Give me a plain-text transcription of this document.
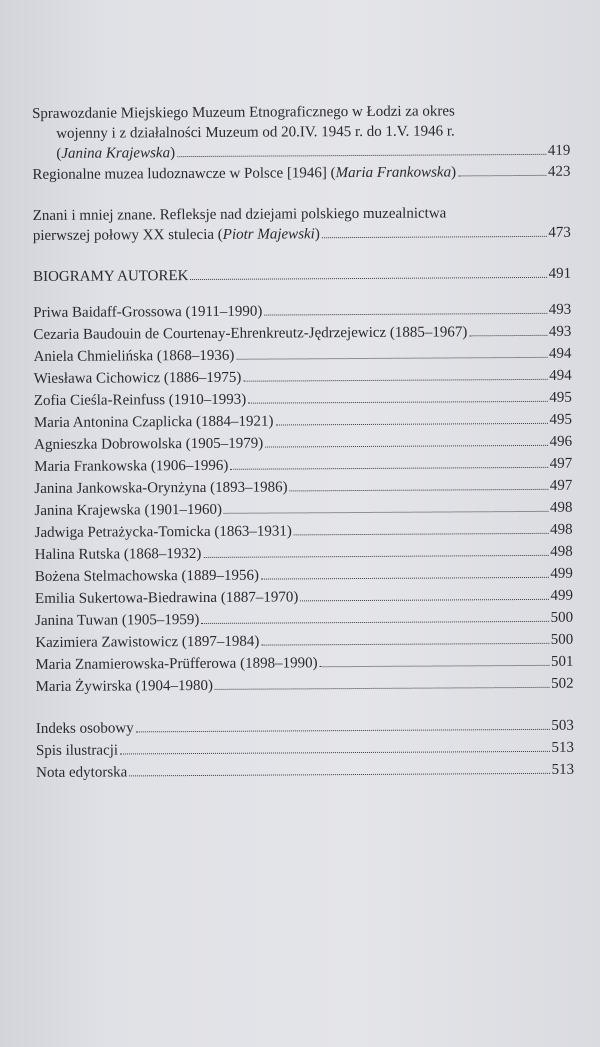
Sprawozdanie Miejskiego Muzeum Etnograficznego w Łodzi za okres
wojenny i z działalności Muzeum od 20.IV. 1945 r. do 1.V. 1946 r.
( Janina Krajewska )	419
Regionalne muzea ludoznawcze w Polsce [1946] (Maria Frankowska)	423
Znani i mniej znane. Refleksje nad dziejami polskiego muzealnictwa
pierwszej połowy XX stulecia (Piotr Majewski)	473
BIOGRAMY AUTOREK	491
Priwa Baidaff-Grossowa (1911–1990)	493
Cezaria Baudouin de Courtenay-Ehrenkreutz-Jędrzejewicz (1885–1967)	493
Aniela Chmielińska (1868–1936)	494
Wiesława Cichowicz (1886–1975)	494
Zofia Cieśla-Reinfuss (1910–1993)	495
Maria Antonina Czaplicka (1884–1921)	495
Agnieszka Dobrowolska (1905–1979)	496
Maria Frankowska (1906–1996)	497
Janina Jankowska-Orynżyna (1893–1986)	497
Janina Krajewska (1901–1960)	498
Jadwiga Petrażycka-Tomicka (1863–1931)	498
Halina Rutska (1868–1932)	498
Bożena Stelmachowska (1889–1956)	499
Emilia Sukertowa-Biedrawina (1887–1970)	499
Janina Tuwan (1905–1959)	500
Kazimiera Zawistowicz (1897–1984)	500
Maria Znamierowska-Prüfferowa (1898–1990)	501
Maria Żywirska (1904–1980)	502
Indeks osobowy	503
Spis ilustracji	513
Nota edytorska	513
